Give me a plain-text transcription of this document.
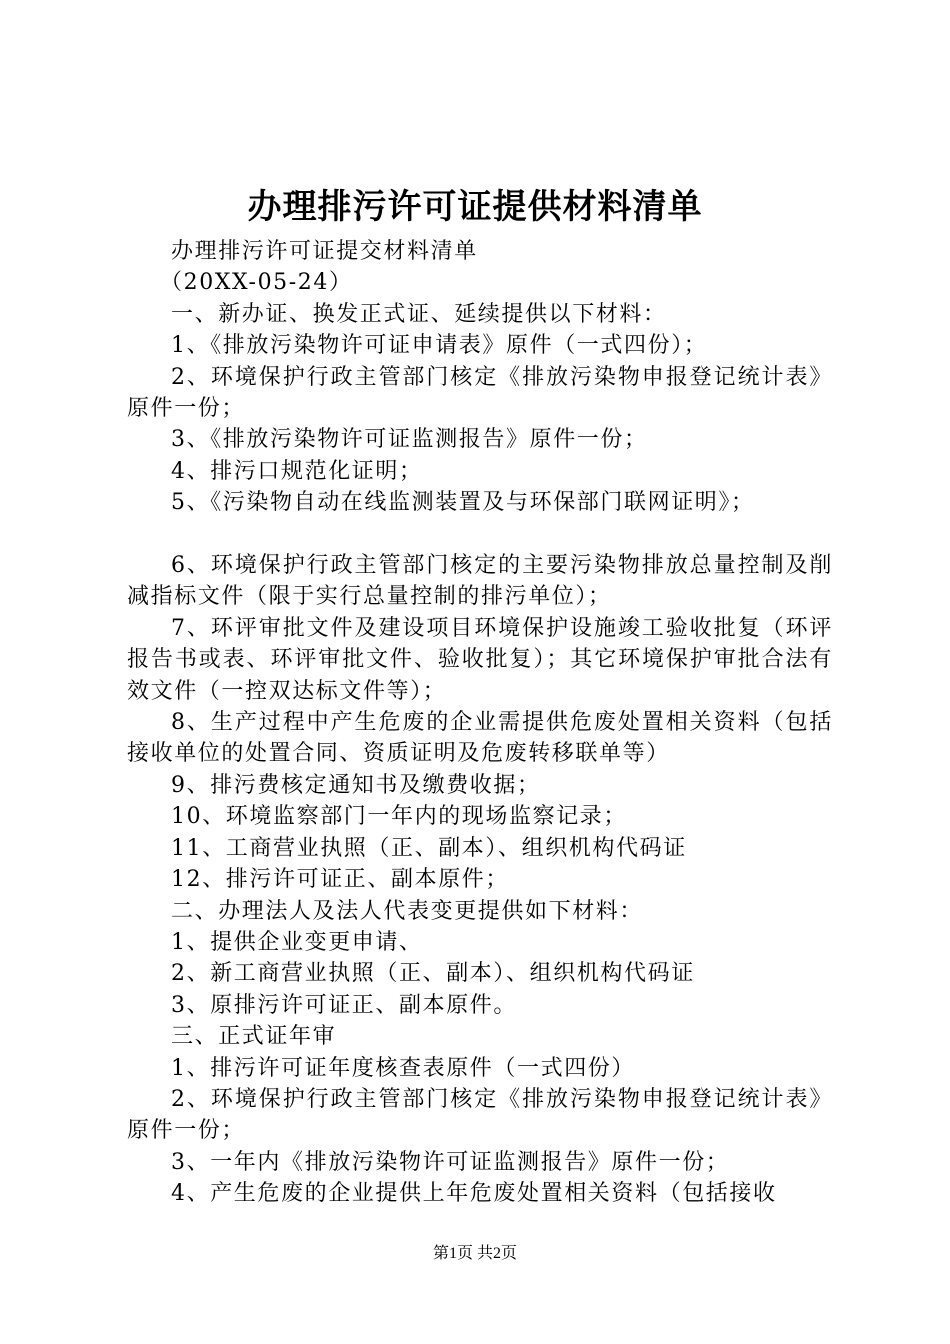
办理排污许可证提供材料清单

办理排污许可证提交材料清单

（20XX-05-24）

一、新办证、换发正式证、延续提供以下材料：

1、《排放污染物许可证申请表》原件（一式四份）；

2、环境保护行政主管部门核定《排放污染物申报登记统计表》原件一份；

3、《排放污染物许可证监测报告》原件一份；

4、排污口规范化证明；

5、《污染物自动在线监测装置及与环保部门联网证明》；

6、环境保护行政主管部门核定的主要污染物排放总量控制及削减指标文件（限于实行总量控制的排污单位）；

7、环评审批文件及建设项目环境保护设施竣工验收批复（环评报告书或表、环评审批文件、验收批复）；其它环境保护审批合法有效文件（一控双达标文件等）；

8、生产过程中产生危废的企业需提供危废处置相关资料（包括接收单位的处置合同、资质证明及危废转移联单等）

9、排污费核定通知书及缴费收据；

10、环境监察部门一年内的现场监察记录；

11、工商营业执照（正、副本）、组织机构代码证

12、排污许可证正、副本原件；

二、办理法人及法人代表变更提供如下材料：

1、提供企业变更申请、

2、新工商营业执照（正、副本）、组织机构代码证

3、原排污许可证正、副本原件。

三、正式证年审

1、排污许可证年度核查表原件（一式四份）

2、环境保护行政主管部门核定《排放污染物申报登记统计表》原件一份；

3、一年内《排放污染物许可证监测报告》原件一份；

4、产生危废的企业提供上年危废处置相关资料（包括接收

第1页 共2页
